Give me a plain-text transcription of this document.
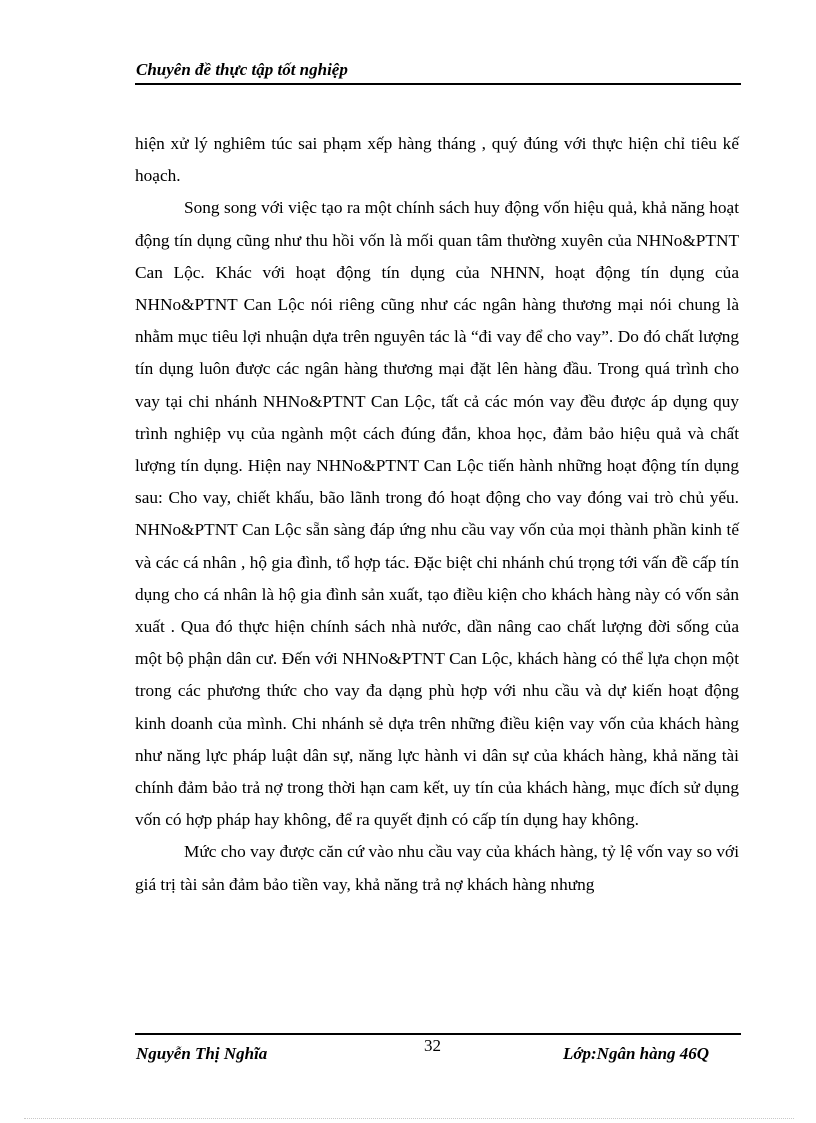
Chuyên đề thực tập tốt nghiệp

hiện xử lý nghiêm túc sai phạm xếp hàng tháng , quý đúng với thực hiện chỉ tiêu kế hoạch.

Song song với việc tạo ra một chính sách huy động vốn hiệu quả, khả năng hoạt động tín dụng cũng như thu hồi vốn là mối quan tâm thường xuyên của NHNo&PTNT Can Lộc. Khác với hoạt động tín dụng của NHNN, hoạt động tín dụng của NHNo&PTNT Can Lộc nói riêng cũng như các ngân hàng thương mại nói chung là nhằm mục tiêu lợi nhuận dựa trên nguyên tác là “đi vay để cho vay”. Do đó chất lượng tín dụng luôn được các ngân hàng thương mại đặt lên hàng đầu. Trong quá trình cho vay tại chi nhánh NHNo&PTNT Can Lộc, tất cả các món vay đều được áp dụng quy trình nghiệp vụ của ngành một cách đúng đắn, khoa học, đảm bảo hiệu quả và chất lượng tín dụng. Hiện nay NHNo&PTNT Can Lộc tiến hành những hoạt động tín dụng sau: Cho vay, chiết khấu, bão lãnh trong đó hoạt động cho vay đóng vai trò chủ yếu. NHNo&PTNT Can Lộc sẵn sàng đáp ứng nhu cầu vay vốn của mọi thành phần kinh tế và các cá nhân , hộ gia đình, tổ hợp tác. Đặc biệt chi nhánh chú trọng tới vấn đề cấp tín dụng cho cá nhân là hộ gia đình sản xuất, tạo điều kiện cho khách hàng này có vốn sản xuất . Qua đó thực hiện chính sách nhà nước, dần nâng cao chất lượng đời sống của một bộ phận dân cư. Đến với NHNo&PTNT Can Lộc, khách hàng có thể lựa chọn một trong các phương thức cho vay đa dạng phù hợp với nhu cầu và dự kiến hoạt động kinh doanh của mình. Chi nhánh sẻ dựa trên những điều kiện vay vốn của khách hàng như năng lực pháp luật dân sự, năng lực hành vi dân sự của khách hàng, khả năng tài chính đảm bảo trả nợ trong thời hạn cam kết, uy tín của khách hàng, mục đích sử dụng vốn có hợp pháp hay không, để ra quyết định có cấp tín dụng hay không.

Mức cho vay được căn cứ vào nhu cầu vay của khách hàng, tỷ lệ vốn vay so với giá trị tài sản đảm bảo tiền vay, khả năng trả nợ khách hàng nhưng

Nguyễn Thị Nghĩa	32	Lớp:Ngân hàng 46Q
